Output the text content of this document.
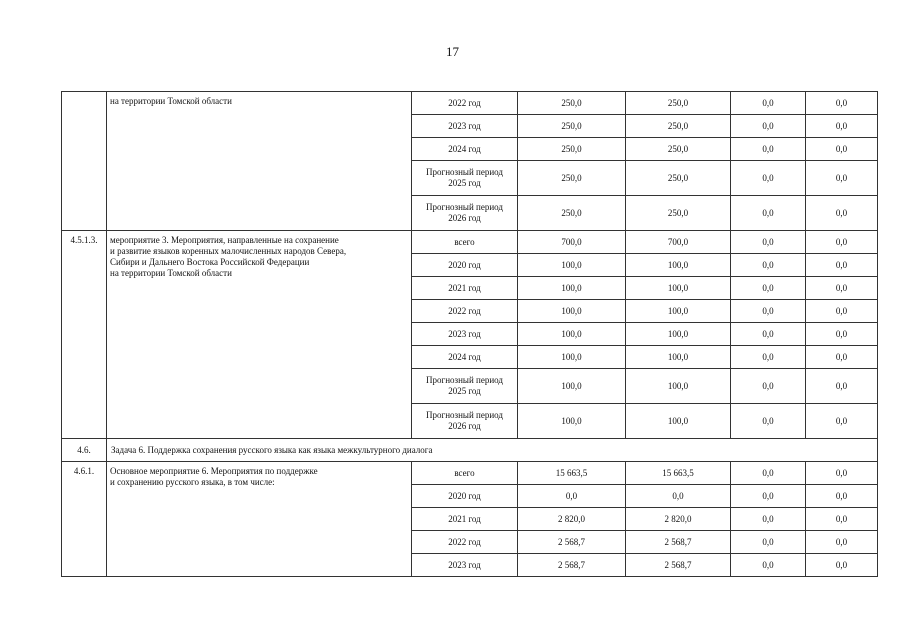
17
	на территории Томской области	2022 год	250,0	250,0	0,0	0,0
		2023 год	250,0	250,0	0,0	0,0
		2024 год	250,0	250,0	0,0	0,0
		Прогнозный период
2025 год	250,0	250,0	0,0	0,0
		Прогнозный период
2026 год	250,0	250,0	0,0	0,0
4.5.1.3.	мероприятие 3. Мероприятия, направленные на сохранение
и развитие языков коренных малочисленных народов Севера,
Сибири и Дальнего Востока Российской Федерации
на территории Томской области	всего	700,0	700,0	0,0	0,0
		2020 год	100,0	100,0	0,0	0,0
		2021 год	100,0	100,0	0,0	0,0
		2022 год	100,0	100,0	0,0	0,0
		2023 год	100,0	100,0	0,0	0,0
		2024 год	100,0	100,0	0,0	0,0
		Прогнозный период
2025 год	100,0	100,0	0,0	0,0
		Прогнозный период
2026 год	100,0	100,0	0,0	0,0
4.6.	Задача 6. Поддержка сохранения русского языка как языка межкультурного диалога					
4.6.1.	Основное мероприятие 6. Мероприятия по поддержке
и сохранению русского языка, в том числе:	всего	15 663,5	15 663,5	0,0	0,0
		2020 год	0,0	0,0	0,0	0,0
		2021 год	2 820,0	2 820,0	0,0	0,0
		2022 год	2 568,7	2 568,7	0,0	0,0
		2023 год	2 568,7	2 568,7	0,0	0,0
